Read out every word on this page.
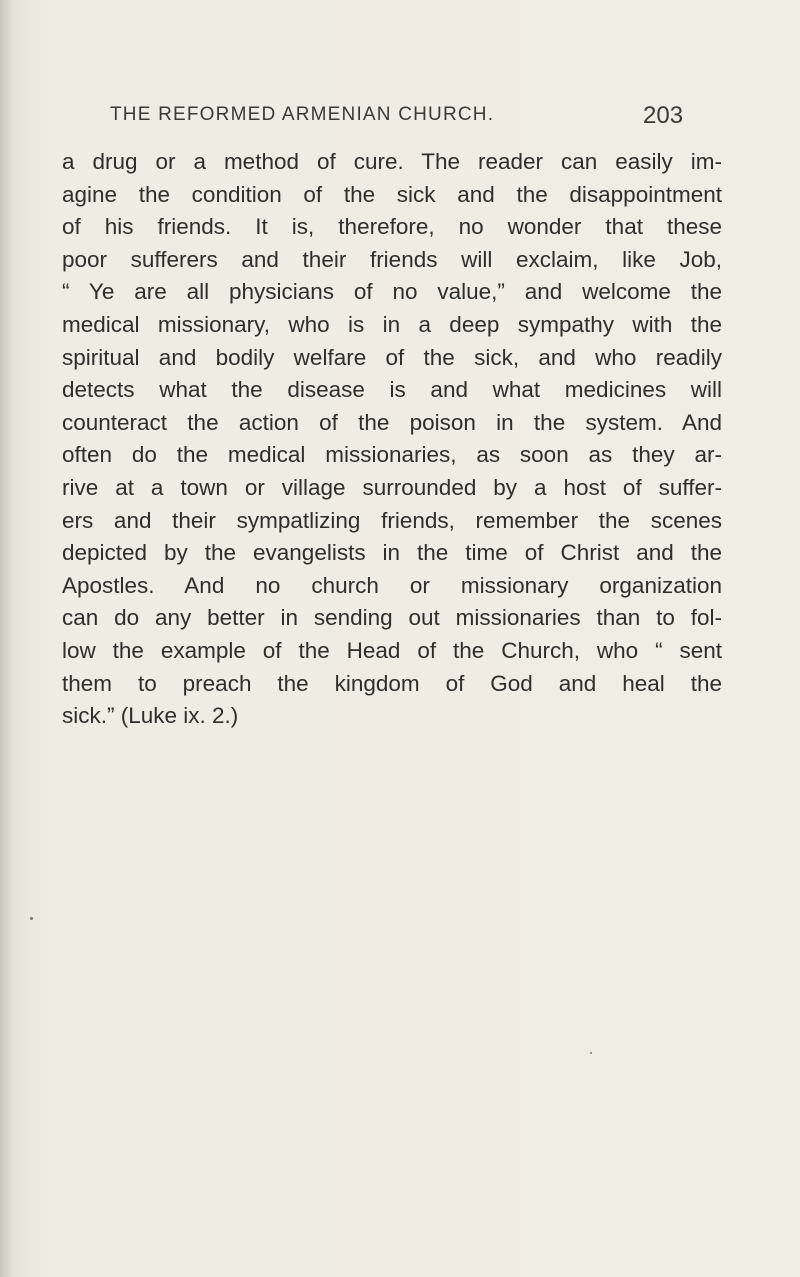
THE REFORMED ARMENIAN CHURCH.	203
a drug or a method of cure. The reader can easily im-
agine the condition of the sick and the disappointment
of his friends. It is, therefore, no wonder that these
poor sufferers and their friends will exclaim, like Job,
“ Ye are all physicians of no value,” and welcome the
medical missionary, who is in a deep sympathy with the
spiritual and bodily welfare of the sick, and who readily
detects what the disease is and what medicines will
counteract the action of the poison in the system. And
often do the medical missionaries, as soon as they ar-
rive at a town or village surrounded by a host of suffer-
ers and their sympatlizing friends, remember the scenes
depicted by the evangelists in the time of Christ and the
Apostles. And no church or missionary organization
can do any better in sending out missionaries than to fol-
low the example of the Head of the Church, who “ sent
them to preach the kingdom of God and heal the
sick.” (Luke ix. 2.)
